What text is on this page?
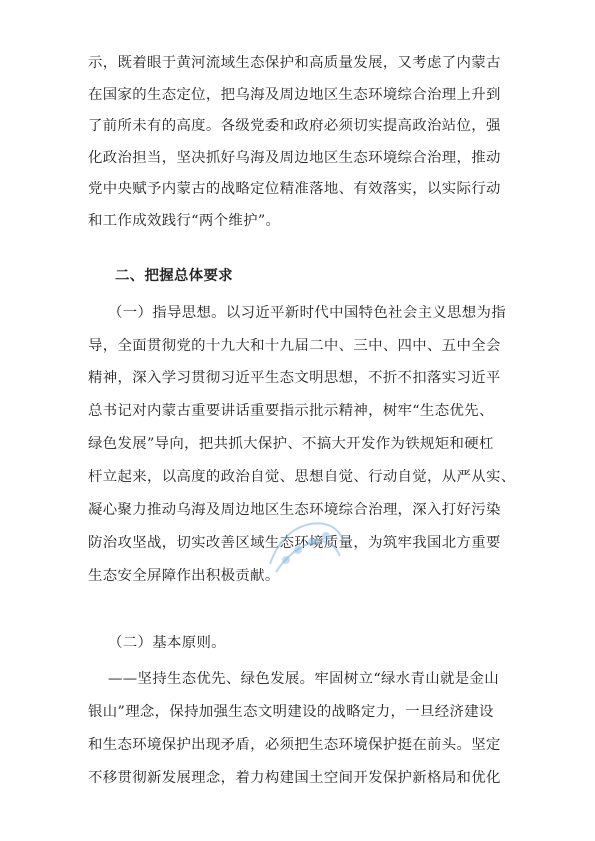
示，既着眼于黄河流域生态保护和高质量发展，又考虑了内蒙古
在国家的生态定位，把乌海及周边地区生态环境综合治理上升到
了前所未有的高度。各级党委和政府必须切实提高政治站位，强
化政治担当，坚决抓好乌海及周边地区生态环境综合治理，推动
党中央赋予内蒙古的战略定位精准落地、有效落实，以实际行动
和工作成效践行“两个维护”。
二、把握总体要求
（一）指导思想。以习近平新时代中国特色社会主义思想为指
导，全面贯彻党的十九大和十九届二中、三中、四中、五中全会
精神，深入学习贯彻习近平生态文明思想，不折不扣落实习近平
总书记对内蒙古重要讲话重要指示批示精神，树牢“生态优先、
绿色发展”导向，把共抓大保护、不搞大开发作为铁规矩和硬杠
杆立起来，以高度的政治自觉、思想自觉、行动自觉，从严从实、
凝心聚力推动乌海及周边地区生态环境综合治理，深入打好污染
防治攻坚战，切实改善区域生态环境质量，为筑牢我国北方重要
生态安全屏障作出积极贡献。
（二）基本原则。
——坚持生态优先、绿色发展。牢固树立“绿水青山就是金山
银山”理念，保持加强生态文明建设的战略定力，一旦经济建设
和生态环境保护出现矛盾，必须把生态环境保护挺在前头。坚定
不移贯彻新发展理念，着力构建国土空间开发保护新格局和优化
